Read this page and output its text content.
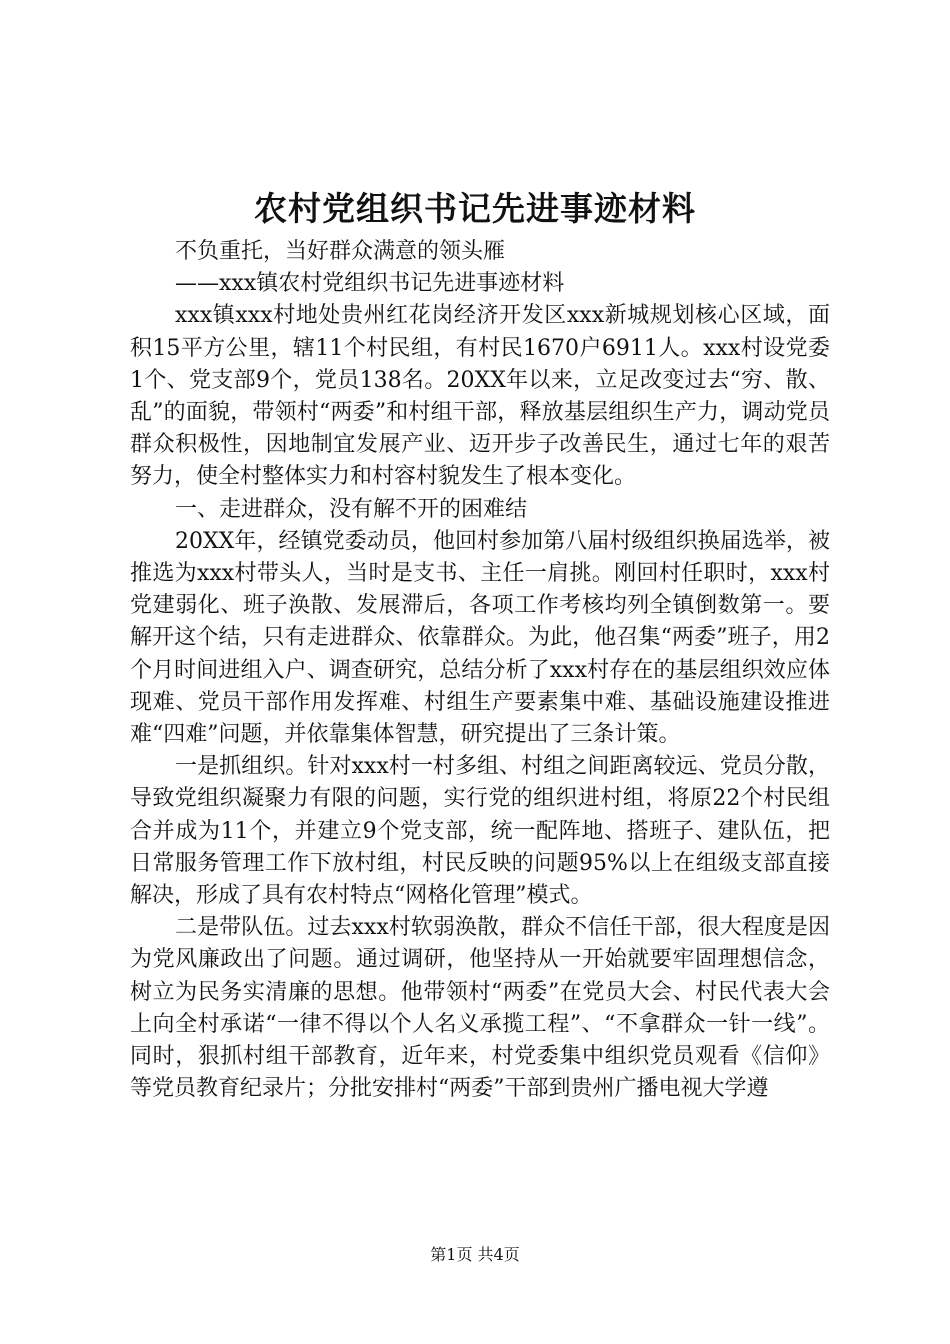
农村党组织书记先进事迹材料

不负重托，当好群众满意的领头雁

——xxx镇农村党组织书记先进事迹材料

xxx镇xxx村地处贵州红花岗经济开发区xxx新城规划核心区域，面积15平方公里，辖11个村民组，有村民1670户6911人。xxx村设党委1个、党支部9个，党员138名。20XX年以来，立足改变过去“穷、散、乱”的面貌，带领村“两委”和村组干部，释放基层组织生产力，调动党员群众积极性，因地制宜发展产业、迈开步子改善民生，通过七年的艰苦努力，使全村整体实力和村容村貌发生了根本变化。

一、走进群众，没有解不开的困难结

20XX年，经镇党委动员，他回村参加第八届村级组织换届选举，被推选为xxx村带头人，当时是支书、主任一肩挑。刚回村任职时，xxx村党建弱化、班子涣散、发展滞后，各项工作考核均列全镇倒数第一。要解开这个结，只有走进群众、依靠群众。为此，他召集“两委”班子，用2个月时间进组入户、调查研究，总结分析了xxx村存在的基层组织效应体现难、党员干部作用发挥难、村组生产要素集中难、基础设施建设推进难“四难”问题，并依靠集体智慧，研究提出了三条计策。

一是抓组织。针对xxx村一村多组、村组之间距离较远、党员分散，导致党组织凝聚力有限的问题，实行党的组织进村组，将原22个村民组合并成为11个，并建立9个党支部，统一配阵地、搭班子、建队伍，把日常服务管理工作下放村组，村民反映的问题95%以上在组级支部直接解决，形成了具有农村特点“网格化管理”模式。

二是带队伍。过去xxx村软弱涣散，群众不信任干部，很大程度是因为党风廉政出了问题。通过调研，他坚持从一开始就要牢固理想信念，树立为民务实清廉的思想。他带领村“两委”在党员大会、村民代表大会上向全村承诺“一律不得以个人名义承揽工程”、“不拿群众一针一线”。同时，狠抓村组干部教育，近年来，村党委集中组织党员观看《信仰》等党员教育纪录片；分批安排村“两委”干部到贵州广播电视大学遵

第1页 共4页
